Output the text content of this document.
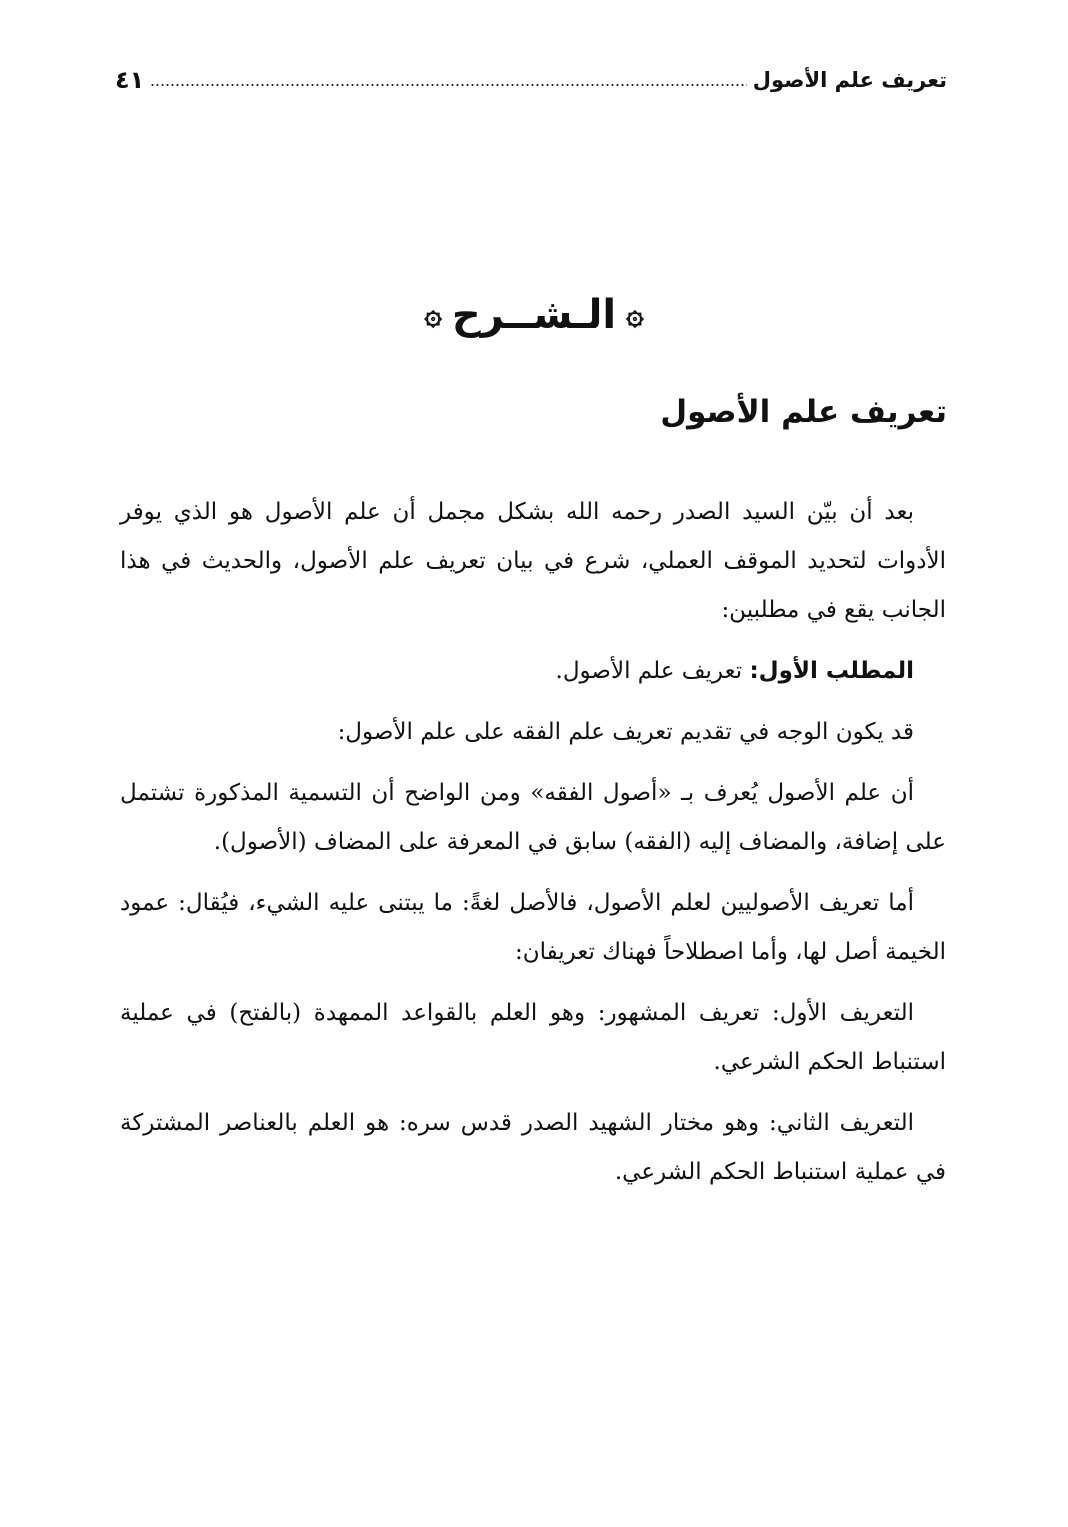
تعريف علم الأصول
٤١
۞
الـشــرح
۞
تعريف علم الأصول

بعد أن بيّن السيد الصدر رحمه الله بشكل مجمل أن علم الأصول هو الذي يوفر الأدوات لتحديد الموقف العملي، شرع في بيان تعريف علم الأصول، والحديث في هذا الجانب يقع في مطلبين:

المطلب الأول: تعريف علم الأصول.

قد يكون الوجه في تقديم تعريف علم الفقه على علم الأصول:

أن علم الأصول يُعرف بـ «أصول الفقه» ومن الواضح أن التسمية المذكورة تشتمل على إضافة، والمضاف إليه (الفقه) سابق في المعرفة على المضاف (الأصول).

أما تعريف الأصوليين لعلم الأصول، فالأصل لغةً: ما يبتنى عليه الشيء، فيُقال: عمود الخيمة أصل لها، وأما اصطلاحاً فهناك تعريفان:

التعريف الأول: تعريف المشهور: وهو العلم بالقواعد الممهدة (بالفتح) في عملية استنباط الحكم الشرعي.

التعريف الثاني: وهو مختار الشهيد الصدر قدس سره: هو العلم بالعناصر المشتركة في عملية استنباط الحكم الشرعي.
